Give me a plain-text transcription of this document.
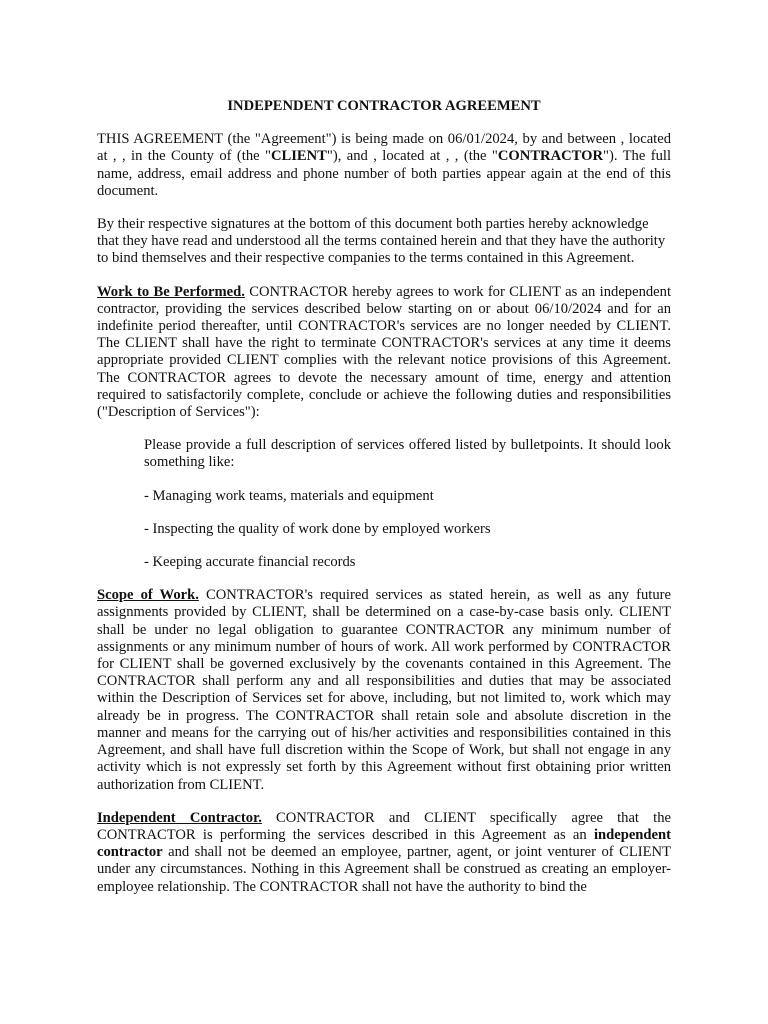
INDEPENDENT CONTRACTOR AGREEMENT

THIS AGREEMENT (the "Agreement") is being made on 06/01/2024, by and between , located at , , in the County of (the "CLIENT"), and , located at , , (the "CONTRACTOR"). The full name, address, email address and phone number of both parties appear again at the end of this document.

By their respective signatures at the bottom of this document both parties hereby acknowledge that they have read and understood all the terms contained herein and that they have the authority to bind themselves and their respective companies to the terms contained in this Agreement.

Work to Be Performed. CONTRACTOR hereby agrees to work for CLIENT as an independent contractor, providing the services described below starting on or about 06/10/2024 and for an indefinite period thereafter, until CONTRACTOR's services are no longer needed by CLIENT. The CLIENT shall have the right to terminate CONTRACTOR's services at any time it deems appropriate provided CLIENT complies with the relevant notice provisions of this Agreement. The CONTRACTOR agrees to devote the necessary amount of time, energy and attention required to satisfactorily complete, conclude or achieve the following duties and responsibilities ("Description of Services"):

Please provide a full description of services offered listed by bulletpoints. It should look something like:

- Managing work teams, materials and equipment

- Inspecting the quality of work done by employed workers

- Keeping accurate financial records

Scope of Work. CONTRACTOR's required services as stated herein, as well as any future assignments provided by CLIENT, shall be determined on a case-by-case basis only. CLIENT shall be under no legal obligation to guarantee CONTRACTOR any minimum number of assignments or any minimum number of hours of work. All work performed by CONTRACTOR for CLIENT shall be governed exclusively by the covenants contained in this Agreement. The CONTRACTOR shall perform any and all responsibilities and duties that may be associated within the Description of Services set for above, including, but not limited to, work which may already be in progress. The CONTRACTOR shall retain sole and absolute discretion in the manner and means for the carrying out of his/her activities and responsibilities contained in this Agreement, and shall have full discretion within the Scope of Work, but shall not engage in any activity which is not expressly set forth by this Agreement without first obtaining prior written authorization from CLIENT.

Independent Contractor. CONTRACTOR and CLIENT specifically agree that the CONTRACTOR is performing the services described in this Agreement as an independent contractor and shall not be deemed an employee, partner, agent, or joint venturer of CLIENT under any circumstances. Nothing in this Agreement shall be construed as creating an employer-employee relationship. The CONTRACTOR shall not have the authority to bind the
